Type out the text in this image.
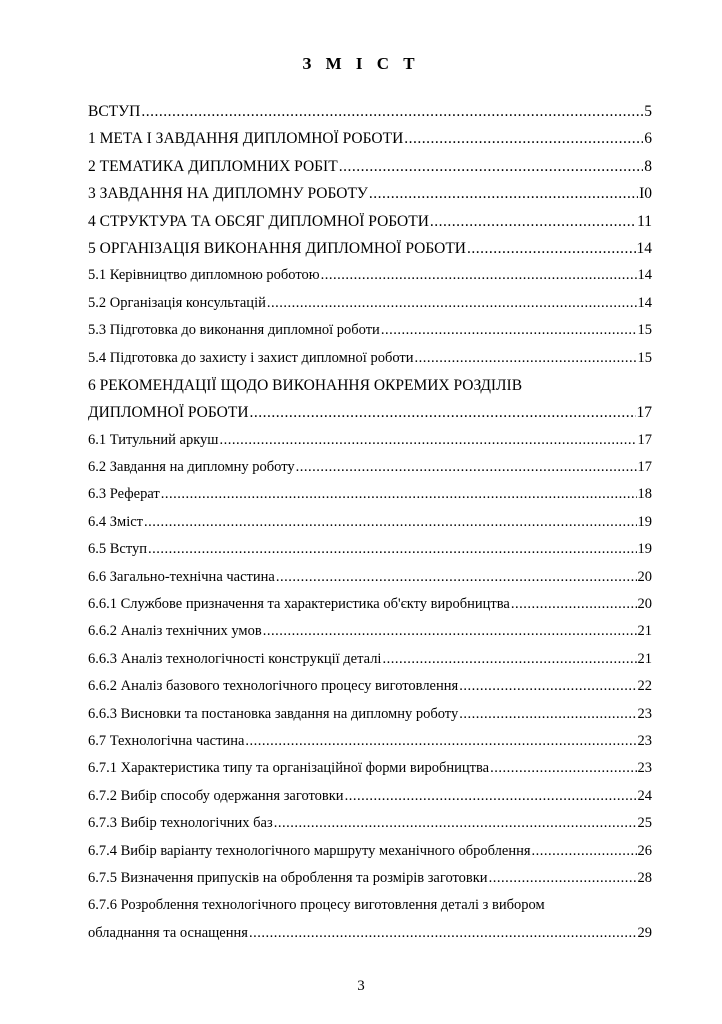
З М І С Т
ВСТУП .....	5
1 МЕТА І ЗАВДАННЯ ДИПЛОМНОЇ РОБОТИ .....	6
2 ТЕМАТИКА ДИПЛОМНИХ РОБІТ .....	8
3 ЗАВДАННЯ НА ДИПЛОМНУ РОБОТУ .....	I0
4 СТРУКТУРА ТА ОБСЯГ ДИПЛОМНОЇ РОБОТИ .....	11
5 ОРГАНІЗАЦІЯ ВИКОНАННЯ ДИПЛОМНОЇ РОБОТИ .....	14
5.1 Керівництво дипломною роботою .....	14
5.2 Організація консультацій .....	14
5.3 Підготовка до виконання дипломної роботи .....	15
5.4 Підготовка до захисту і захист дипломної роботи .....	15
6 РЕКОМЕНДАЦІЇ ЩОДО ВИКОНАННЯ ОКРЕМИХ РОЗДІЛІВ
ДИПЛОМНОЇ РОБОТИ .....	17
6.1 Титульний аркуш .....	17
6.2 Завдання на дипломну роботу .....	17
6.3 Реферат .....	18
6.4 Зміст .....	19
6.5 Вступ .....	19
6.6 Загально-технічна частина .....	20
6.6.1 Службове призначення та характеристика об'єкту виробництва .....	20
6.6.2 Аналіз технічних умов .....	21
6.6.3 Аналіз технологічності конструкції деталі .....	21
6.6.2 Аналіз базового технологічного процесу виготовлення .....	22
6.6.3 Висновки та постановка завдання на дипломну роботу .....	23
6.7 Технологічна частина .....	23
6.7.1 Характеристика типу та організаційної форми виробництва .....	23
6.7.2 Вибір способу одержання заготовки .....	24
6.7.3 Вибір технологічних баз .....	25
6.7.4 Вибір варіанту технологічного маршруту механічного оброблення .....	26
6.7.5 Визначення припусків на оброблення та розмірів заготовки .....	28
6.7.6 Розроблення технологічного процесу виготовлення деталі з вибором
обладнання та оснащення .....	29
3
